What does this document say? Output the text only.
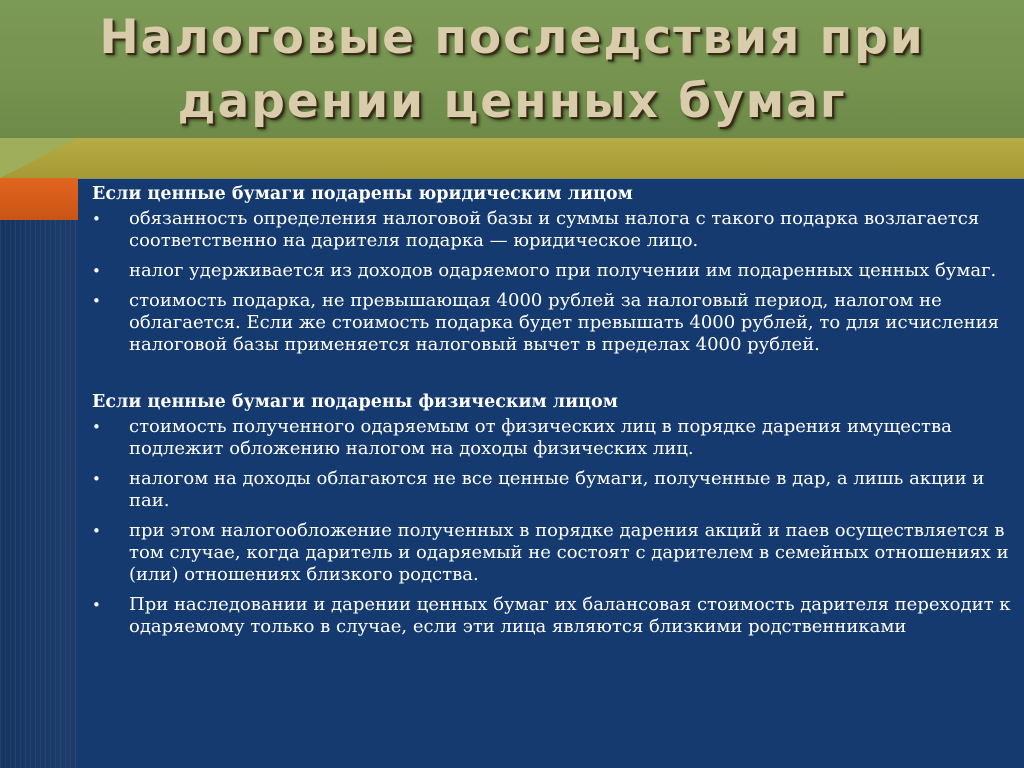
Налоговые последствия при
дарении ценных бумаг
Если ценные бумаги подарены юридическим лицом
• обязанность определения налоговой базы и суммы налога с такого подарка возлагается соответственно на дарителя подарка — юридическое лицо.
• налог удерживается из доходов одаряемого при получении им подаренных ценных бумаг.
• стоимость подарка, не превышающая 4000 рублей за налоговый период, налогом не облагается. Если же стоимость подарка будет превышать 4000 рублей, то для исчисления налоговой базы применяется налоговый вычет в пределах 4000 рублей.
Если ценные бумаги подарены физическим лицом
• стоимость полученного одаряемым от физических лиц в порядке дарения имущества подлежит обложению налогом на доходы физических лиц.
• налогом на доходы облагаются не все ценные бумаги, полученные в дар, а лишь акции и паи.
• при этом налогообложение полученных в порядке дарения акций и паев осуществляется в том случае, когда даритель и одаряемый не состоят с дарителем в семейных отношениях и (или) отношениях близкого родства.
• При наследовании и дарении ценных бумаг их балансовая стоимость дарителя переходит к одаряемому только в случае, если эти лица являются близкими родственниками
